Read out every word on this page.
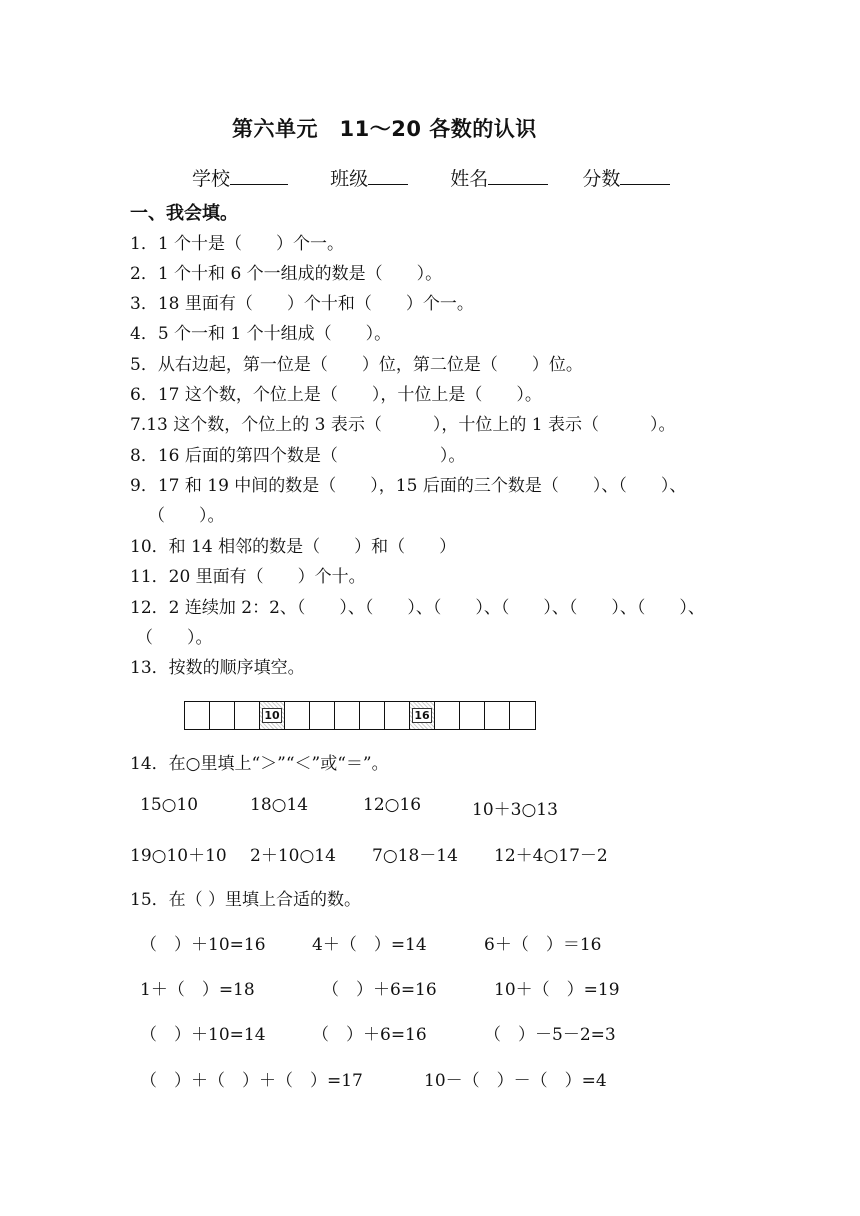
第六单元　11～20 各数的认识
学校	班级	姓名	分数
一、我会填。
1．1 个十是（　　）个一。
2．1 个十和 6 个一组成的数是（　　）。
3．18 里面有（　　）个十和（　　）个一。
4．5 个一和 1 个十组成（　　）。
5．从右边起，第一位是（　　）位，第二位是（　　）位。
6．17 这个数，个位上是（　　），十位上是（　　）。
7.13 这个数，个位上的 3 表示（　　　），十位上的 1 表示（　　　）。
8．16 后面的第四个数是（　　　　　　）。
9．17 和 19 中间的数是（　　），15 后面的三个数是（　　）、（　　）、
（　　）。
10．和 14 相邻的数是（　　）和（　　）
11．20 里面有（　　）个十。
12．2 连续加 2：2、（　　）、（　　）、（　　）、（　　）、（　　）、（　　）、
（　　）。
13．按数的顺序填空。
10	16
14．在○里填上“＞”“＜”或“＝”。
15○10	18○14	12○16	10＋3○13
19○10＋10 2＋10○14 7○18－14 12＋4○17－2
15．在（ ）里填上合适的数。
（　）＋10=16	4＋（　）=14	6＋（　）＝16
1＋（　）=18	（　）＋6=16	10＋（　）=19
（　）＋10=14	（　）＋6=16	（　）－5－2=3
（　）＋（　）＋（　）=17	10－（　）－（　）=4
